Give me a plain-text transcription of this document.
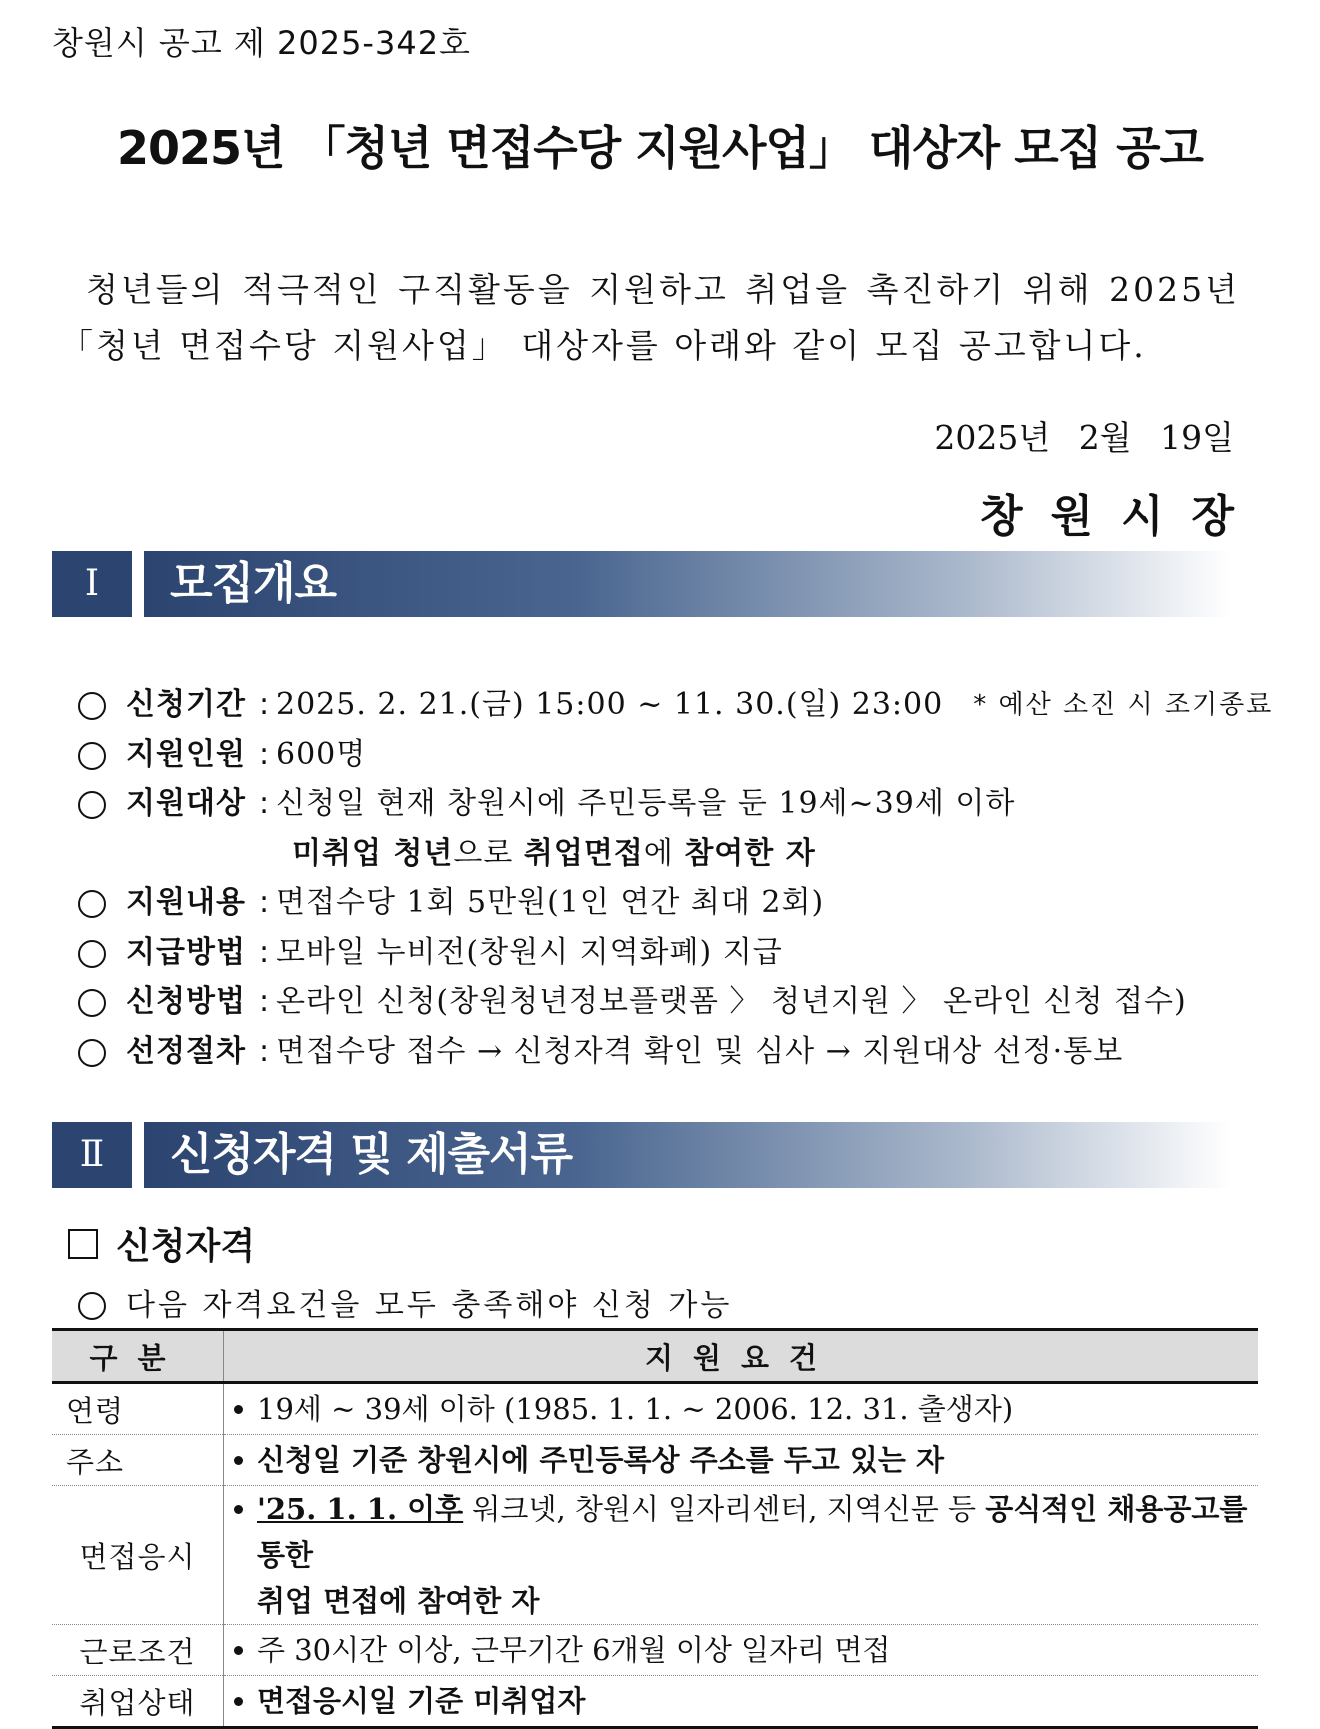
창원시 공고 제 2025-342호
2025년 「청년 면접수당 지원사업」 대상자 모집 공고
청년들의 적극적인 구직활동을 지원하고 취업을 촉진하기 위해 2025년
「청년 면접수당 지원사업」 대상자를 아래와 같이 모집 공고합니다.
2025년 2월 19일
창원시장
Ⅰ	모집개요
신청기간 : 2025. 2. 21.(금) 15:00 ~ 11. 30.(일) 23:00 * 예산 소진 시 조기종료
지원인원 : 600명
지원대상 : 신청일 현재 창원시에 주민등록을 둔 19세~39세 이하
미취업 청년으로 취업면접에 참여한 자
지원내용 : 면접수당 1회 5만원(1인 연간 최대 2회)
지급방법 : 모바일 누비전(창원시 지역화폐) 지급
신청방법 : 온라인 신청(창원청년정보플랫폼 〉 청년지원 〉 온라인 신청 접수)
선정절차 : 면접수당 접수 → 신청자격 확인 및 심사 → 지원대상 선정·통보
Ⅱ	신청자격 및 제출서류
신청자격
다음 자격요건을 모두 충족해야 신청 가능
구분	지원요건
연령	19세 ~ 39세 이하 (1985. 1. 1. ~ 2006. 12. 31. 출생자)

주소	신청일 기준 창원시에 주민등록상 주소를 두고 있는 자

면접응시	'25. 1. 1. 이후 워크넷, 창원시 일자리센터, 지역신문 등 공식적인 채용공고를 통한
취업 면접에 참여한 자

근로조건	주 30시간 이상, 근무기간 6개월 이상 일자리 면접

취업상태	면접응시일 기준 미취업자
